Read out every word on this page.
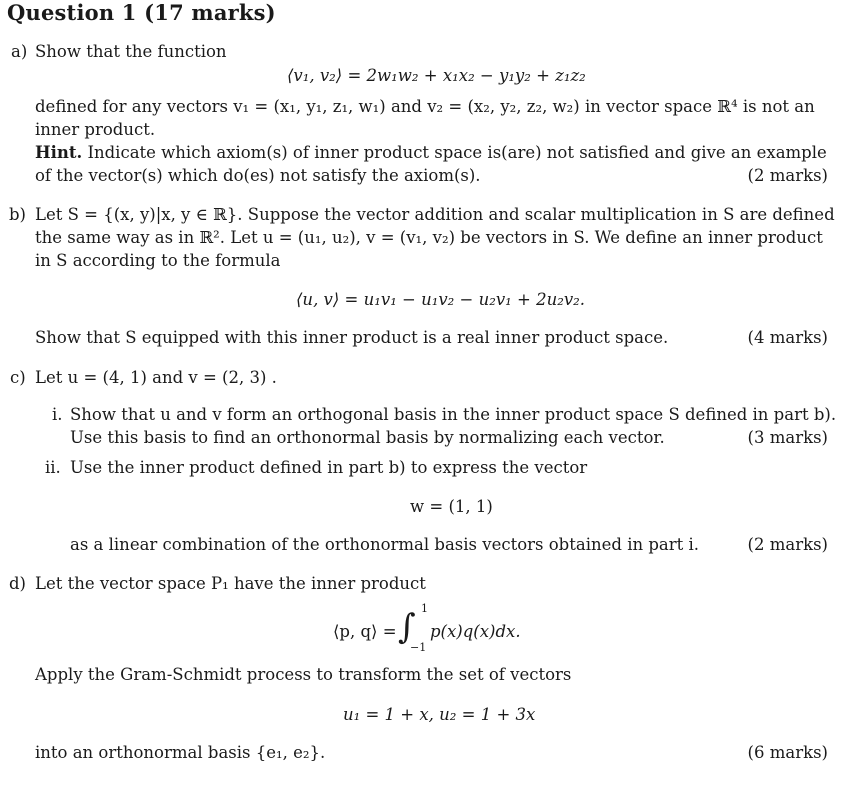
Question 1 (17 marks)
a) Show that the function
⟨v₁, v₂⟩ = 2w₁w₂ + x₁x₂ − y₁y₂ + z₁z₂
defined for any vectors v₁ = (x₁, y₁, z₁, w₁) and v₂ = (x₂, y₂, z₂, w₂) in vector space ℝ⁴ is not an
inner product.
Hint. Indicate which axiom(s) of inner product space is(are) not satisfied and give an example
of the vector(s) which do(es) not satisfy the axiom(s).	(2 marks)
b) Let S = {(x, y)|x, y ∈ ℝ}. Suppose the vector addition and scalar multiplication in S are defined
the same way as in ℝ². Let u = (u₁, u₂), v = (v₁, v₂) be vectors in S. We define an inner product
in S according to the formula
⟨u, v⟩ = u₁v₁ − u₁v₂ − u₂v₁ + 2u₂v₂.
Show that S equipped with this inner product is a real inner product space.	(4 marks)
c) Let u = (4, 1) and v = (2, 3) .
i. Show that u and v form an orthogonal basis in the inner product space S defined in part b).
Use this basis to find an orthonormal basis by normalizing each vector.	(3 marks)
ii. Use the inner product defined in part b) to express the vector
w = (1, 1)
as a linear combination of the orthonormal basis vectors obtained in part i.	(2 marks)
d) Let the vector space P₁ have the inner product
⟨p, q⟩ = ∫ 1
−1
p(x)q(x)dx.
Apply the Gram-Schmidt process to transform the set of vectors
u₁ = 1 + x, u₂ = 1 + 3x
into an orthonormal basis {e₁, e₂}.	(6 marks)
